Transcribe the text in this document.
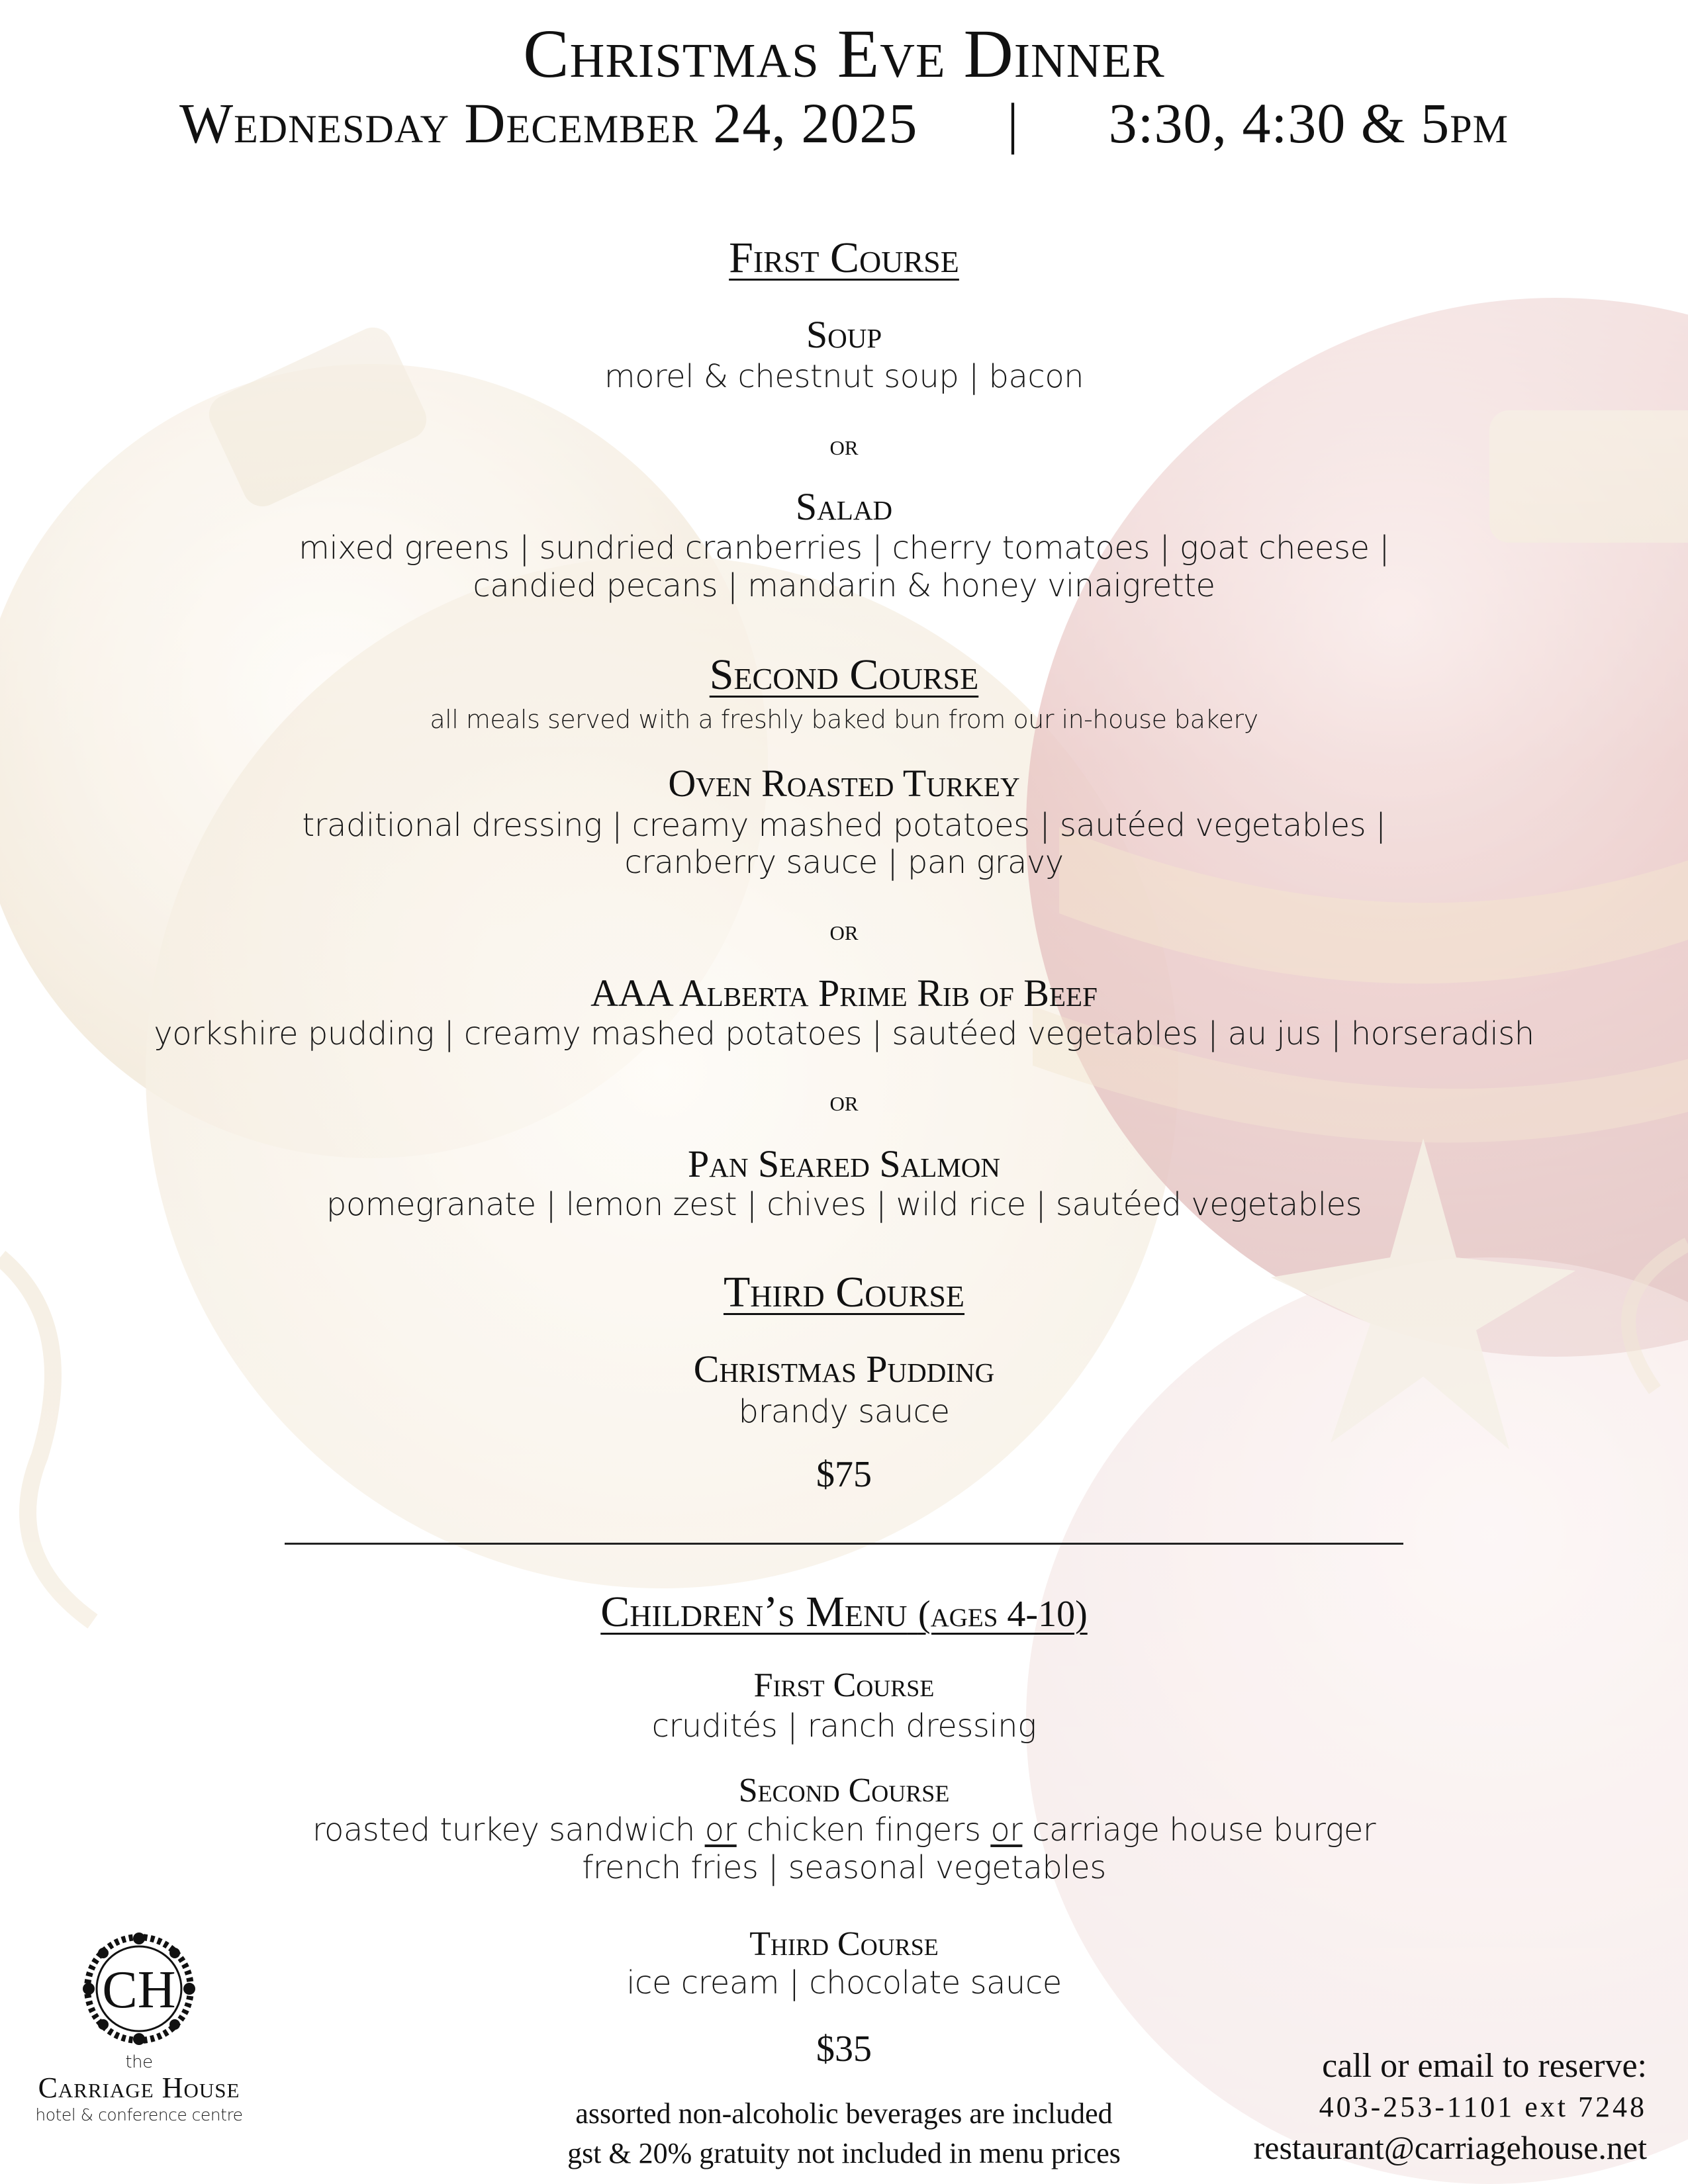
Christmas Eve Dinner
Wednesday December 24, 2025 | 3:30, 4:30 & 5pm
First Course
Soup
morel & chestnut soup | bacon
or
Salad
mixed greens | sundried cranberries | cherry tomatoes | goat cheese |
candied pecans | mandarin & honey vinaigrette
Second Course
all meals served with a freshly baked bun from our in-house bakery
Oven Roasted Turkey
traditional dressing | creamy mashed potatoes | sautéed vegetables |
cranberry sauce | pan gravy
or
AAA Alberta Prime Rib of Beef
yorkshire pudding | creamy mashed potatoes | sautéed vegetables | au jus | horseradish
or
Pan Seared Salmon
pomegranate | lemon zest | chives | wild rice | sautéed vegetables
Third Course
Christmas Pudding
brandy sauce
$75
Children’s Menu (ages 4-10)
First Course
crudités | ranch dressing
Second Course
roasted turkey sandwich or chicken fingers or carriage house burger
french fries | seasonal vegetables
Third Course
ice cream | chocolate sauce
$35
assorted non-alcoholic beverages are included
gst & 20% gratuity not included in menu prices
call or email to reserve:
403-253-1101 ext 7248
restaurant@carriagehouse.net
CH
the
Carriage House
hotel & conference centre
